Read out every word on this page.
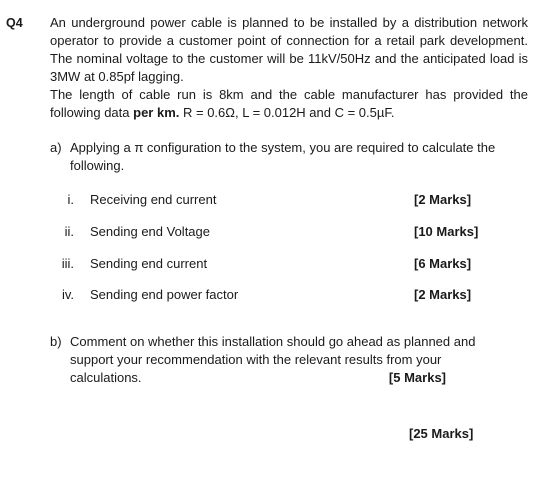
Q4 An underground power cable is planned to be installed by a distribution network operator to provide a customer point of connection for a retail park development. The nominal voltage to the customer will be 11kV/50Hz and the anticipated load is 3MW at 0.85pf lagging.

The length of cable run is 8km and the cable manufacturer has provided the following data per km. R = 0.6Ω, L = 0.012H and C = 0.5µF.

a) Applying a π configuration to the system, you are required to calculate the following.
i. Receiving end current	[2 Marks]
ii. Sending end Voltage	[10 Marks]
iii. Sending end current	[6 Marks]
iv. Sending end power factor	[2 Marks]
b) Comment on whether this installation should go ahead as planned and
support your recommendation with the relevant results from your
calculations.	[5 Marks]
[25 Marks]
